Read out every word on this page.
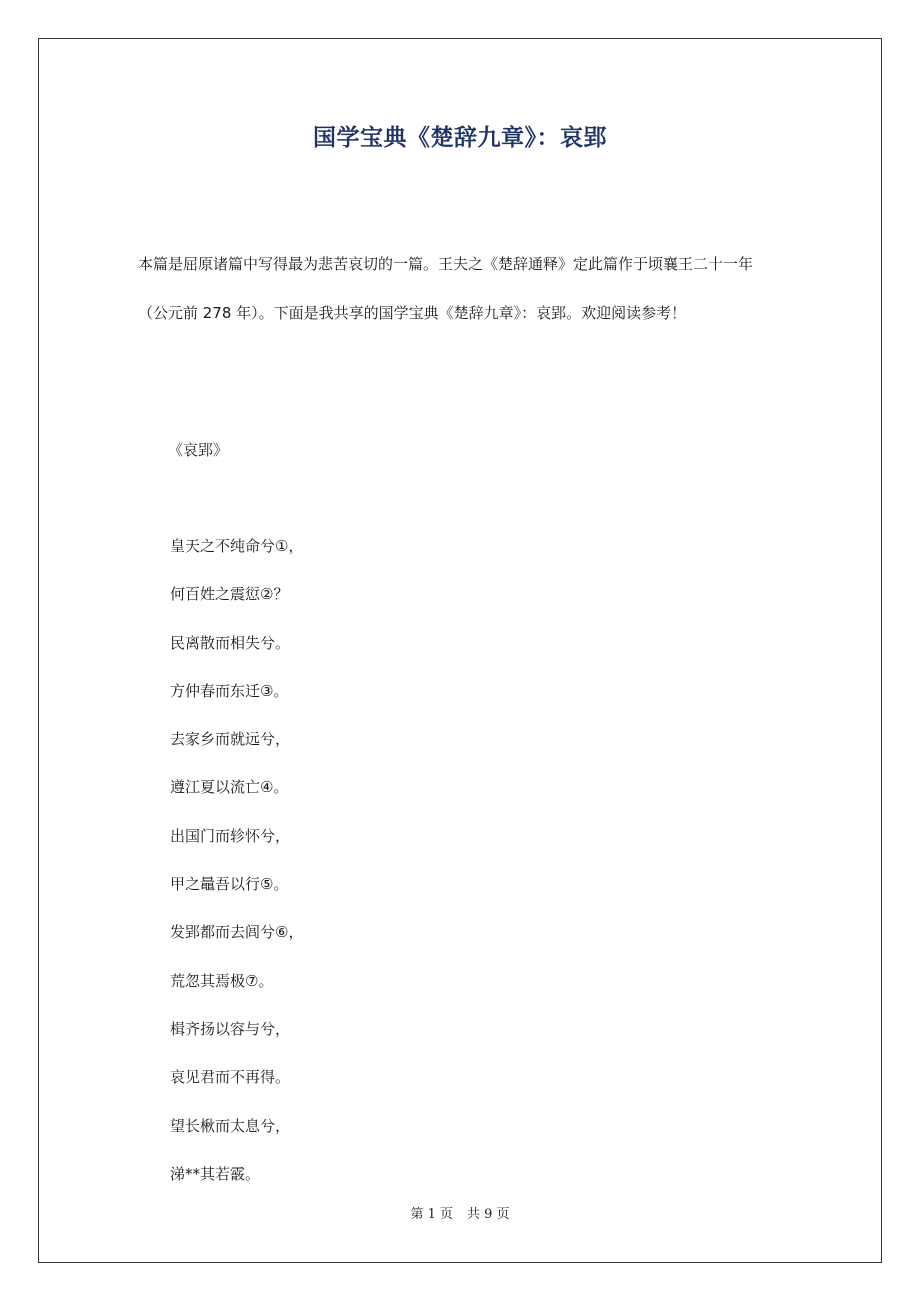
国学宝典《楚辞九章》：哀郢
本篇是屈原诸篇中写得最为悲苦哀切的一篇。王夫之《楚辞通释》定此篇作于顷襄王二十一年
（公元前 278 年）。下面是我共享的国学宝典《楚辞九章》：哀郢。欢迎阅读参考！

《哀郢》

皇天之不纯命兮①，
何百姓之震愆②？
民离散而相失兮。
方仲春而东迁③。
去家乡而就远兮，
遵江夏以流亡④。
出国门而轸怀兮，
甲之鼂吾以行⑤。
发郢都而去闾兮⑥，
荒忽其焉极⑦。
楫齐扬以容与兮，
哀见君而不再得。
望长楸而太息兮，
涕**其若霰。
第 1 页 共 9 页
